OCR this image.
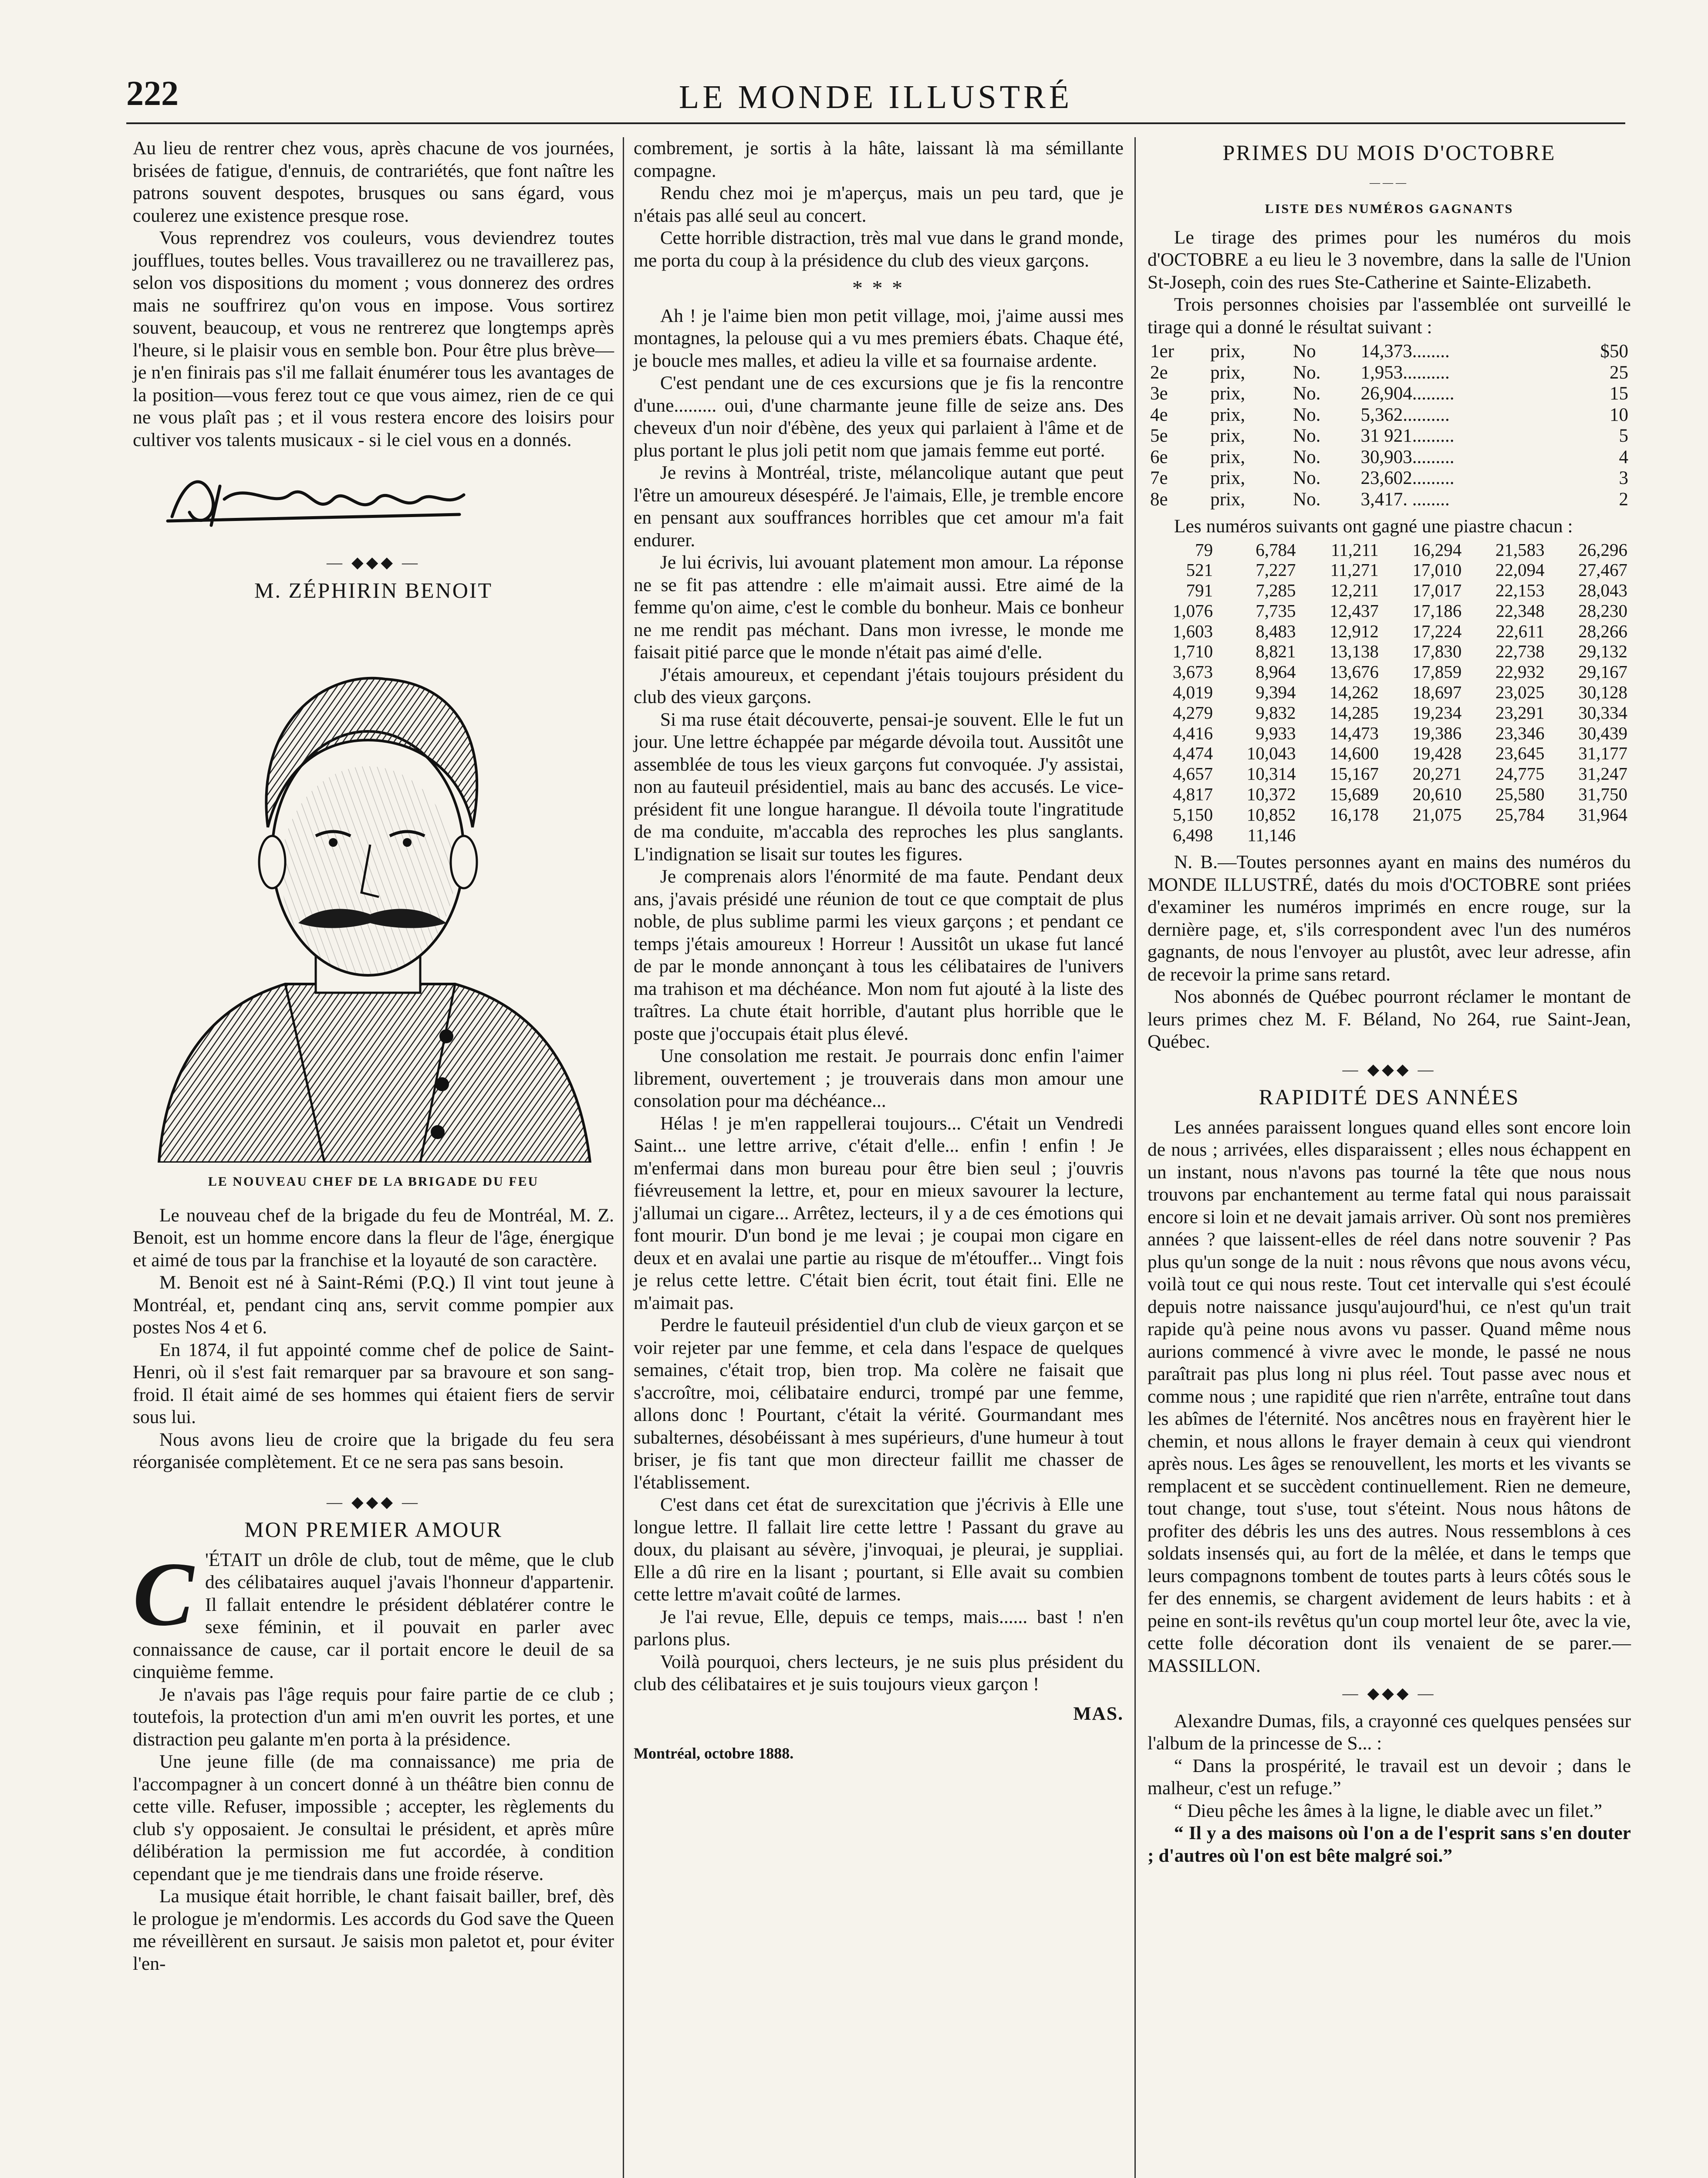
222	LE MONDE ILLUSTRÉ

Au lieu de rentrer chez vous, après chacune de vos journées, brisées de fatigue, d'ennuis, de contrariétés, que font naître les patrons souvent despotes, brusques ou sans égard, vous coulerez une existence presque rose.

Vous reprendrez vos couleurs, vous deviendrez toutes joufflues, toutes belles. Vous travaillerez ou ne travaillerez pas, selon vos dispositions du moment ; vous donnerez des ordres mais ne souffrirez qu'on vous en impose. Vous sortirez souvent, beaucoup, et vous ne rentrerez que longtemps après l'heure, si le plaisir vous en semble bon. Pour être plus brève—je n'en finirais pas s'il me fallait énumérer tous les avantages de la position—vous ferez tout ce que vous aimez, rien de ce qui ne vous plaît pas ; et il vous restera encore des loisirs pour cultiver vos talents musicaux - si le ciel vous en a donnés.

— ◆◆◆ —
M. ZÉPHIRIN BENOIT
LE NOUVEAU CHEF DE LA BRIGADE DU FEU

Le nouveau chef de la brigade du feu de Montréal, M. Z. Benoit, est un homme encore dans la fleur de l'âge, énergique et aimé de tous par la franchise et la loyauté de son caractère.

M. Benoit est né à Saint-Rémi (P.Q.) Il vint tout jeune à Montréal, et, pendant cinq ans, servit comme pompier aux postes Nos 4 et 6.

En 1874, il fut appointé comme chef de police de Saint-Henri, où il s'est fait remarquer par sa bravoure et son sang-froid. Il était aimé de ses hommes qui étaient fiers de servir sous lui.

Nous avons lieu de croire que la brigade du feu sera réorganisée complètement. Et ce ne sera pas sans besoin.

— ◆◆◆ —
MON PREMIER AMOUR
C 'ÉTAIT un drôle de club, tout de même, que le club des célibataires auquel j'avais l'honneur d'appartenir. Il fallait entendre le président déblatérer contre le sexe féminin, et il pouvait en parler avec connaissance de cause, car il portait encore le deuil de sa cinquième femme.

Je n'avais pas l'âge requis pour faire partie de ce club ; toutefois, la protection d'un ami m'en ouvrit les portes, et une distraction peu galante m'en porta à la présidence.

Une jeune fille (de ma connaissance) me pria de l'accompagner à un concert donné à un théâtre bien connu de cette ville. Refuser, impossible ; accepter, les règlements du club s'y opposaient. Je consultai le président, et après mûre délibération la permission me fut accordée, à condition cependant que je me tiendrais dans une froide réserve.

La musique était horrible, le chant faisait bailler, bref, dès le prologue je m'endormis. Les accords du God save the Queen me réveillèrent en sursaut. Je saisis mon paletot et, pour éviter l'en-

combrement, je sortis à la hâte, laissant là ma sémillante compagne.

Rendu chez moi je m'aperçus, mais un peu tard, que je n'étais pas allé seul au concert.

Cette horrible distraction, très mal vue dans le grand monde, me porta du coup à la présidence du club des vieux garçons.

* * *

Ah ! je l'aime bien mon petit village, moi, j'aime aussi mes montagnes, la pelouse qui a vu mes premiers ébats. Chaque été, je boucle mes malles, et adieu la ville et sa fournaise ardente.

C'est pendant une de ces excursions que je fis la rencontre d'une......... oui, d'une charmante jeune fille de seize ans. Des cheveux d'un noir d'ébène, des yeux qui parlaient à l'âme et de plus portant le plus joli petit nom que jamais femme eut porté.

Je revins à Montréal, triste, mélancolique autant que peut l'être un amoureux désespéré. Je l'aimais, Elle, je tremble encore en pensant aux souffrances horribles que cet amour m'a fait endurer.

Je lui écrivis, lui avouant platement mon amour. La réponse ne se fit pas attendre : elle m'aimait aussi. Etre aimé de la femme qu'on aime, c'est le comble du bonheur. Mais ce bonheur ne me rendit pas méchant. Dans mon ivresse, le monde me faisait pitié parce que le monde n'était pas aimé d'elle.

J'étais amoureux, et cependant j'étais toujours président du club des vieux garçons.

Si ma ruse était découverte, pensai-je souvent. Elle le fut un jour. Une lettre échappée par mégarde dévoila tout. Aussitôt une assemblée de tous les vieux garçons fut convoquée. J'y assistai, non au fauteuil présidentiel, mais au banc des accusés. Le vice-président fit une longue harangue. Il dévoila toute l'ingratitude de ma conduite, m'accabla des reproches les plus sanglants. L'indignation se lisait sur toutes les figures.

Je comprenais alors l'énormité de ma faute. Pendant deux ans, j'avais présidé une réunion de tout ce que comptait de plus noble, de plus sublime parmi les vieux garçons ; et pendant ce temps j'étais amoureux ! Horreur ! Aussitôt un ukase fut lancé de par le monde annonçant à tous les célibataires de l'univers ma trahison et ma déchéance. Mon nom fut ajouté à la liste des traîtres. La chute était horrible, d'autant plus horrible que le poste que j'occupais était plus élevé.

Une consolation me restait. Je pourrais donc enfin l'aimer librement, ouvertement ; je trouverais dans mon amour une consolation pour ma déchéance...

Hélas ! je m'en rappellerai toujours... C'était un Vendredi Saint... une lettre arrive, c'était d'elle... enfin ! enfin ! Je m'enfermai dans mon bureau pour être bien seul ; j'ouvris fiévreusement la lettre, et, pour en mieux savourer la lecture, j'allumai un cigare... Arrêtez, lecteurs, il y a de ces émotions qui font mourir. D'un bond je me levai ; je coupai mon cigare en deux et en avalai une partie au risque de m'étouffer... Vingt fois je relus cette lettre. C'était bien écrit, tout était fini. Elle ne m'aimait pas.

Perdre le fauteuil présidentiel d'un club de vieux garçon et se voir rejeter par une femme, et cela dans l'espace de quelques semaines, c'était trop, bien trop. Ma colère ne faisait que s'accroître, moi, célibataire endurci, trompé par une femme, allons donc ! Pourtant, c'était la vérité. Gourmandant mes subalternes, désobéissant à mes supérieurs, d'une humeur à tout briser, je fis tant que mon directeur faillit me chasser de l'établissement.

C'est dans cet état de surexcitation que j'écrivis à Elle une longue lettre. Il fallait lire cette lettre ! Passant du grave au doux, du plaisant au sévère, j'invoquai, je pleurai, je suppliai. Elle a dû rire en la lisant ; pourtant, si Elle avait su combien cette lettre m'avait coûté de larmes.

Je l'ai revue, Elle, depuis ce temps, mais...... bast ! n'en parlons plus.

Voilà pourquoi, chers lecteurs, je ne suis plus président du club des célibataires et je suis toujours vieux garçon !

MAS.
Montréal, octobre 1888.
PRIMES DU MOIS D'OCTOBRE
———
LISTE DES NUMÉROS GAGNANTS

Le tirage des primes pour les numéros du mois d'OCTOBRE a eu lieu le 3 novembre, dans la salle de l'Union St-Joseph, coin des rues Ste-Catherine et Sainte-Elizabeth.

Trois personnes choisies par l'assemblée ont surveillé le tirage qui a donné le résultat suivant :

1er	prix,	No	14,373........	$50
2e	prix,	No.	1,953..........	25
3e	prix,	No.	26,904.........	15
4e	prix,	No.	5,362..........	10
5e	prix,	No.	31 921.........	5
6e	prix,	No.	30,903.........	4
7e	prix,	No.	23,602.........	3
8e	prix,	No.	3,417. ........	2

Les numéros suivants ont gagné une piastre chacun :

79	6,784	11,211	16,294	21,583	26,296
521	7,227	11,271	17,010	22,094	27,467
791	7,285	12,211	17,017	22,153	28,043
1,076	7,735	12,437	17,186	22,348	28,230
1,603	8,483	12,912	17,224	22,611	28,266
1,710	8,821	13,138	17,830	22,738	29,132
3,673	8,964	13,676	17,859	22,932	29,167
4,019	9,394	14,262	18,697	23,025	30,128
4,279	9,832	14,285	19,234	23,291	30,334
4,416	9,933	14,473	19,386	23,346	30,439
4,474	10,043	14,600	19,428	23,645	31,177
4,657	10,314	15,167	20,271	24,775	31,247
4,817	10,372	15,689	20,610	25,580	31,750
5,150	10,852	16,178	21,075	25,784	31,964
6,498	11,146				

N. B.—Toutes personnes ayant en mains des numéros du MONDE ILLUSTRÉ, datés du mois d'OCTOBRE sont priées d'examiner les numéros imprimés en encre rouge, sur la dernière page, et, s'ils correspondent avec l'un des numéros gagnants, de nous l'envoyer au plustôt, avec leur adresse, afin de recevoir la prime sans retard.

Nos abonnés de Québec pourront réclamer le montant de leurs primes chez M. F. Béland, No 264, rue Saint-Jean, Québec.

— ◆◆◆ —
RAPIDITÉ DES ANNÉES

Les années paraissent longues quand elles sont encore loin de nous ; arrivées, elles disparaissent ; elles nous échappent en un instant, nous n'avons pas tourné la tête que nous nous trouvons par enchantement au terme fatal qui nous paraissait encore si loin et ne devait jamais arriver. Où sont nos premières années ? que laissent-elles de réel dans notre souvenir ? Pas plus qu'un songe de la nuit : nous rêvons que nous avons vécu, voilà tout ce qui nous reste. Tout cet intervalle qui s'est écoulé depuis notre naissance jusqu'aujourd'hui, ce n'est qu'un trait rapide qu'à peine nous avons vu passer. Quand même nous aurions commencé à vivre avec le monde, le passé ne nous paraîtrait pas plus long ni plus réel. Tout passe avec nous et comme nous ; une rapidité que rien n'arrête, entraîne tout dans les abîmes de l'éternité. Nos ancêtres nous en frayèrent hier le chemin, et nous allons le frayer demain à ceux qui viendront après nous. Les âges se renouvellent, les morts et les vivants se remplacent et se succèdent continuellement. Rien ne demeure, tout change, tout s'use, tout s'éteint. Nous nous hâtons de profiter des débris les uns des autres. Nous ressemblons à ces soldats insensés qui, au fort de la mêlée, et dans le temps que leurs compagnons tombent de toutes parts à leurs côtés sous le fer des ennemis, se chargent avidement de leurs habits : et à peine en sont-ils revêtus qu'un coup mortel leur ôte, avec la vie, cette folle décoration dont ils venaient de se parer.—MASSILLON.

— ◆◆◆ —

Alexandre Dumas, fils, a crayonné ces quelques pensées sur l'album de la princesse de S... :

“ Dans la prospérité, le travail est un devoir ; dans le malheur, c'est un refuge.”

“ Dieu pêche les âmes à la ligne, le diable avec un filet.”

“ Il y a des maisons où l'on a de l'esprit sans s'en douter ; d'autres où l'on est bête malgré soi.”
